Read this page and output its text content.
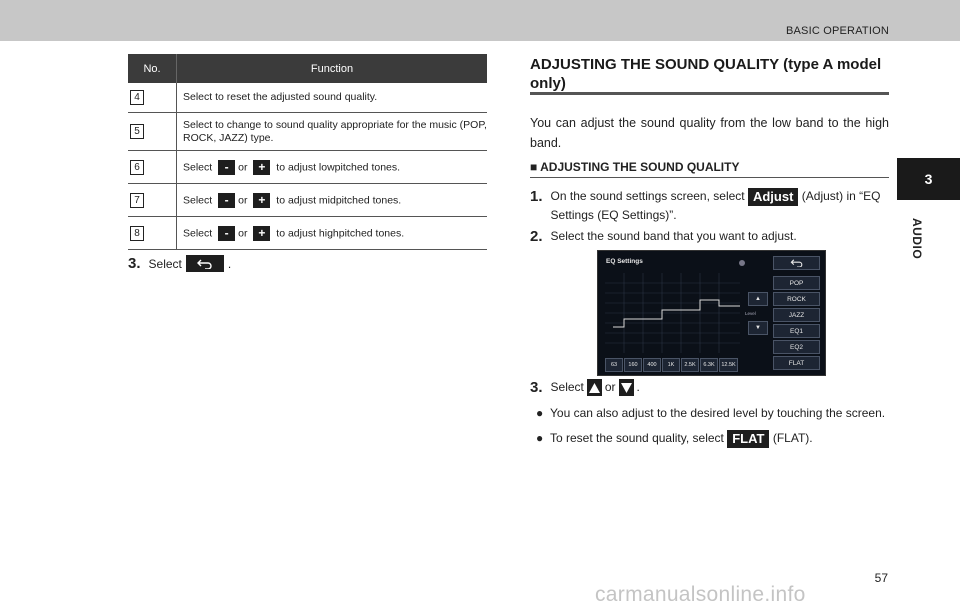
BASIC OPERATION
3
AUDIO
No.	Function
4	Select to reset the adjusted sound quality.
5	Select to change to sound quality appropriate for the music (POP, ROCK, JAZZ) type.
6	Select - or + to adjust lowpitched tones.
7	Select - or + to adjust midpitched tones.
8	Select - or + to adjust highpitched tones.
3. Select	.
ADJUSTING THE SOUND QUALITY (type A model only)
You can adjust the sound quality from the low band to the high band.
■ ADJUSTING THE SOUND QUALITY
1. On the sound settings screen, select Adjust (Adjust) in “EQ Settings (EQ Settings)”.
2. Select the sound band that you want to adjust.
EQ Settings
▲
Level
▼
POP
ROCK
JAZZ
EQ1
EQ2
FLAT
63	160	400	1K	2.5K	6.3K	12.5K
3. Select or .
● You can also adjust to the desired level by touching the screen.
● To reset the sound quality, select FLAT (FLAT).
57
carmanualsonline.info
